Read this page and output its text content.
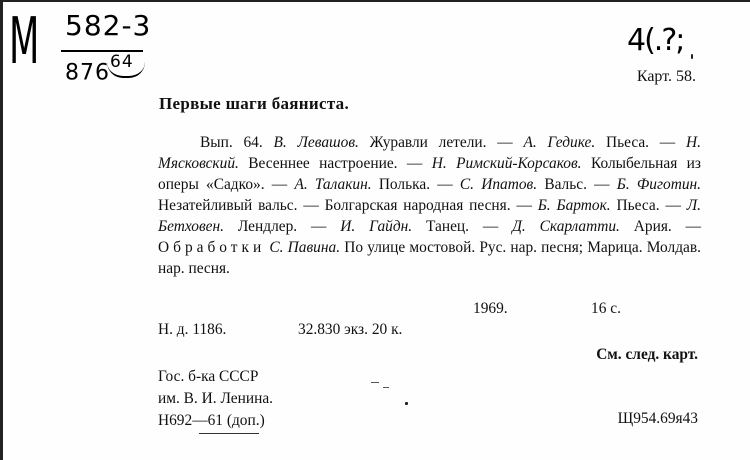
M 582-3
$876^{64}$
4(.?;
Карт. 58.
Первые шаги баяниста.
Вып. 64. В. Левашов. Журавли летели. — А. Гедике. Пьеса. — Н. Мясковский. Весеннее настроение. — Н. Римский-Корсаков. Колыбельная из оперы «Садко». — А. Талакин. Полька. — С. Ипатов. Вальс. — Б. Фиготин. Незатейливый вальс. — Болгарская народная песня. — Б. Барток. Пьеса. — Л. Бетховен. Лендлер. — И. Гайдн. Танец. — Д. Скарлатти. Ария. — Обработки С. Павина. По улице мостовой. Рус. нар. песня; Марица. Молдав. нар. песня.
1969.	16 с.
Н. д. 1186.	32.830 экз. 20 к.
См. след. карт.
Гос. б-ка СССР
им. В. И. Ленина.
Н692—61 (доп.)	Щ954.69я43
